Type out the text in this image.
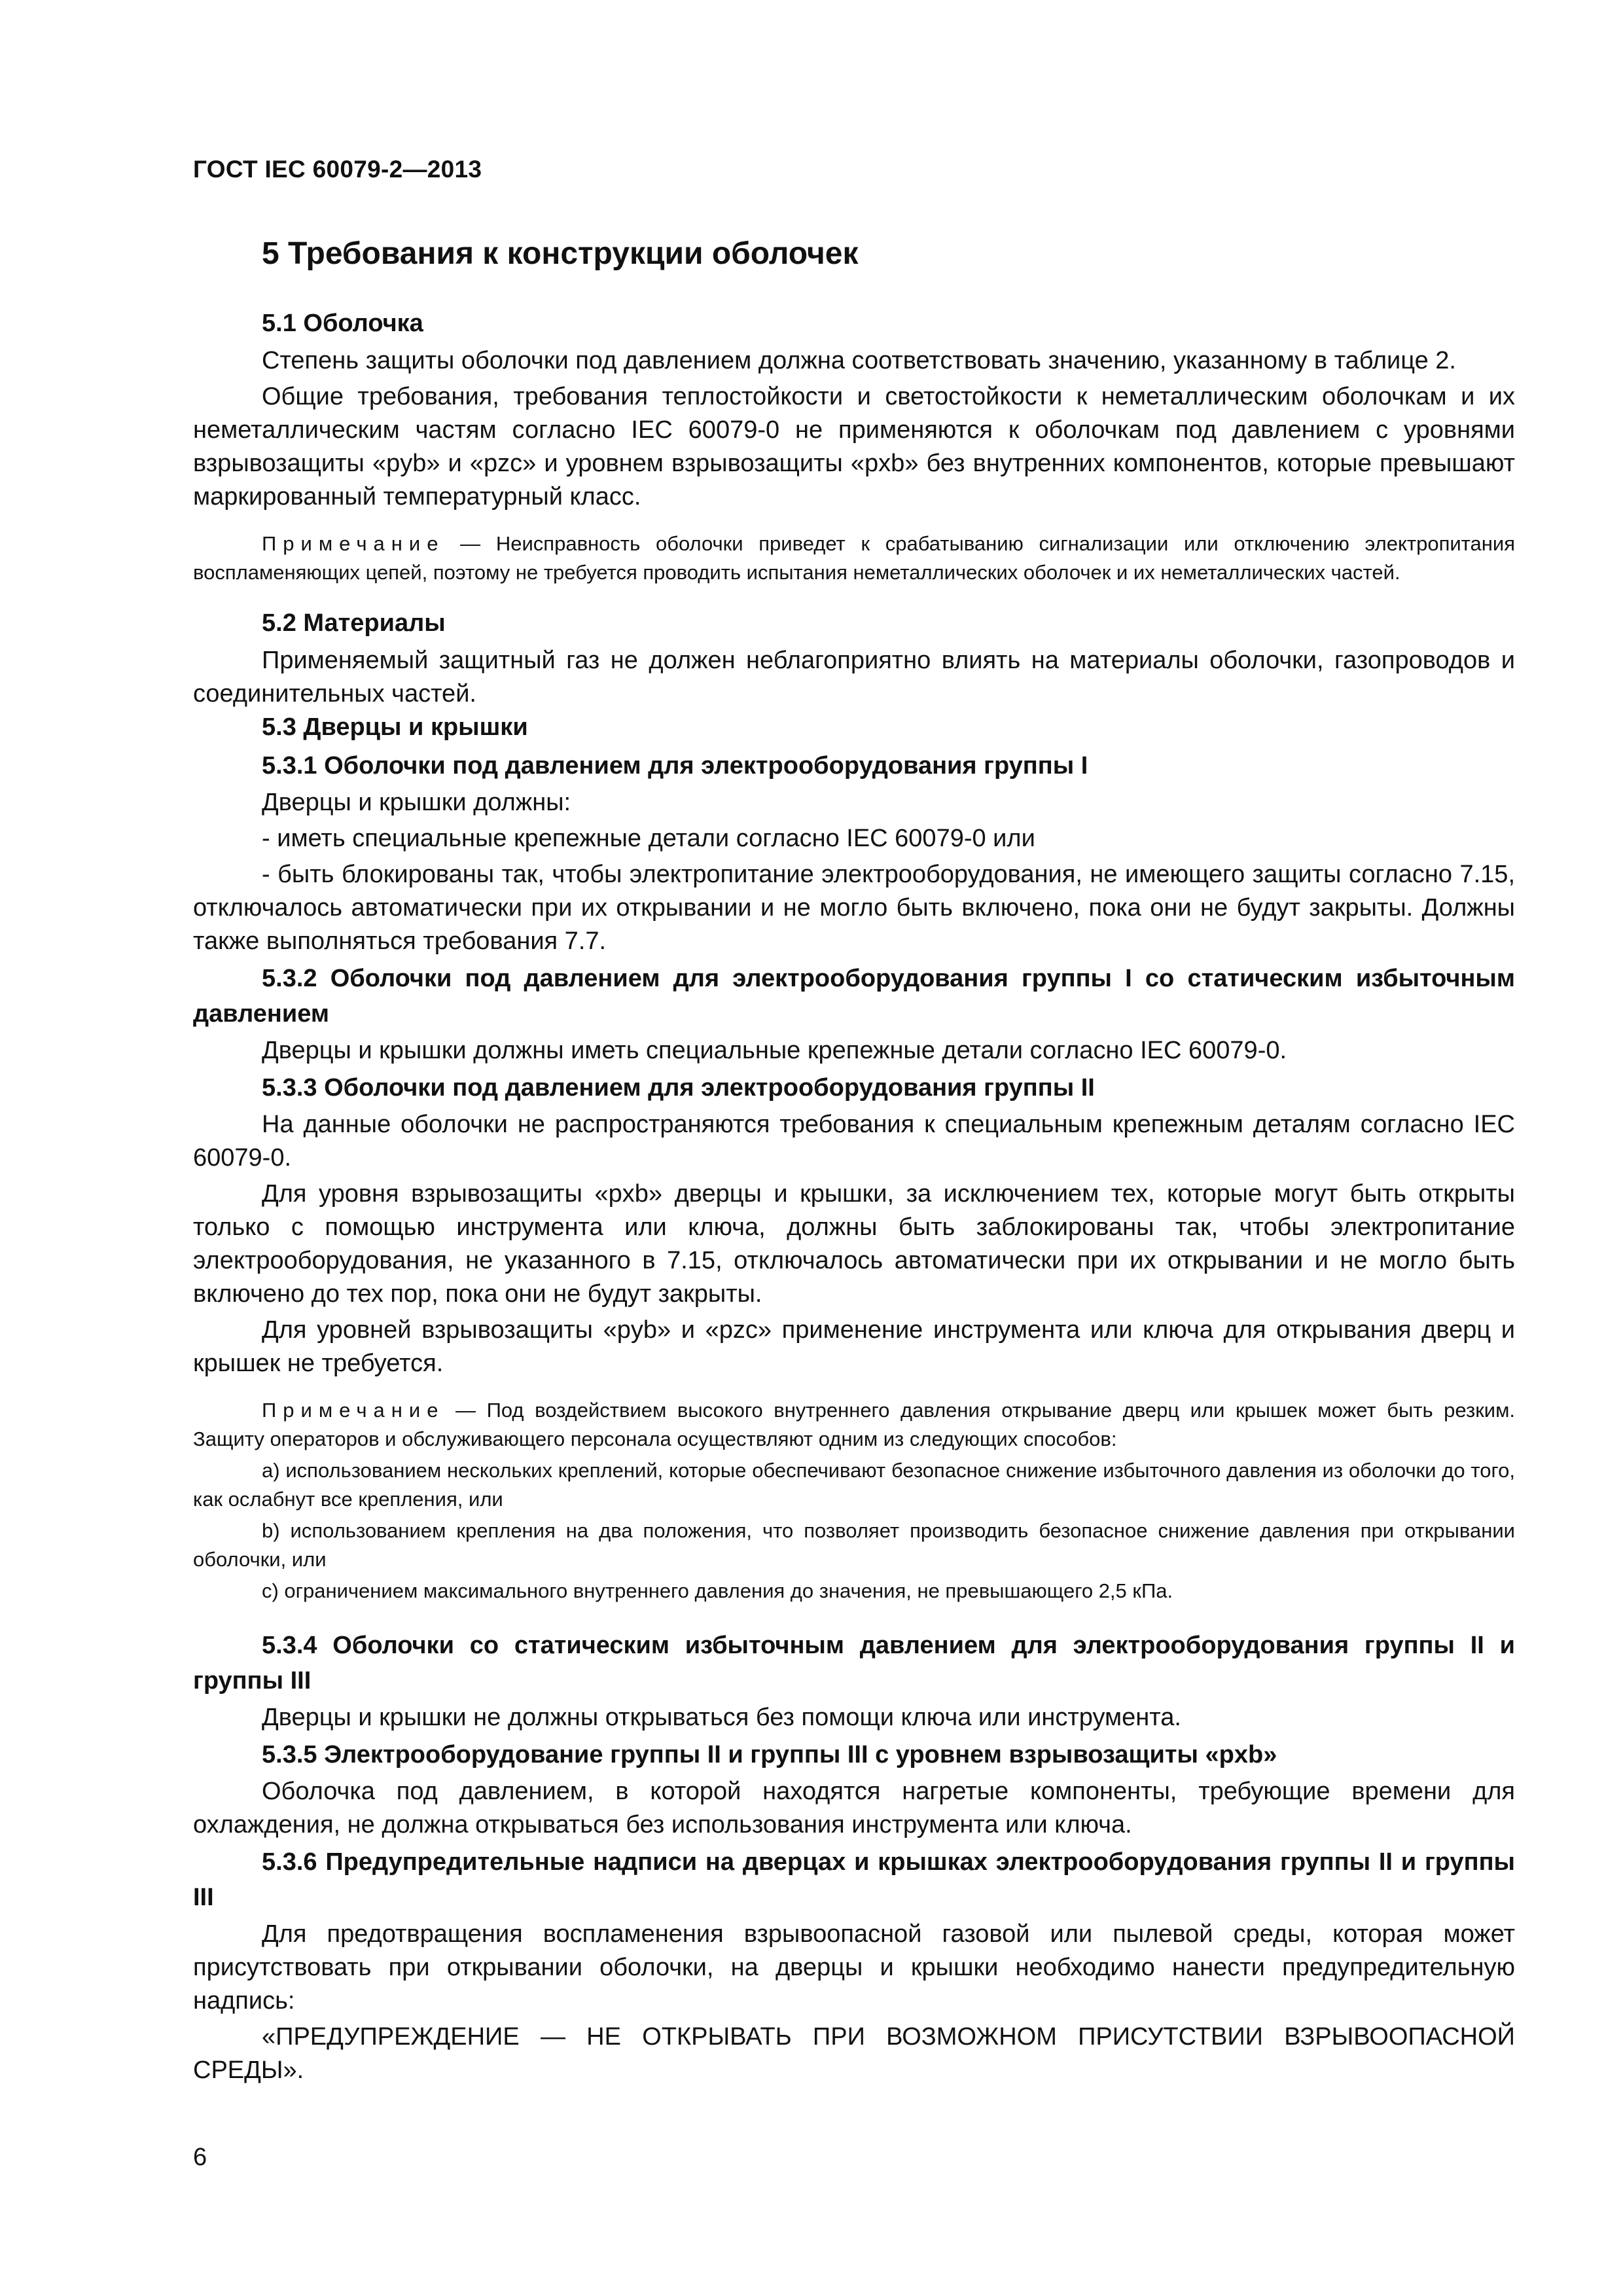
ГОСТ IEC 60079-2—2013
5 Требования к конструкции оболочек
5.1 Оболочка
Степень защиты оболочки под давлением должна соответствовать значению, указанному в таблице 2.
Общие требования, требования теплостойкости и светостойкости к неметаллическим оболочкам и их неметаллическим частям согласно IEC 60079-0 не применяются к оболочкам под давлением с уровнями взрывозащиты «pyb» и «pzc» и уровнем взрывозащиты «pxb» без внутренних компонентов, которые превышают маркированный температурный класс.
Примечание — Неисправность оболочки приведет к срабатыванию сигнализации или отключению электропитания воспламеняющих цепей, поэтому не требуется проводить испытания неметаллических оболочек и их неметаллических частей.
5.2 Материалы
Применяемый защитный газ не должен неблагоприятно влиять на материалы оболочки, газопроводов и соединительных частей.
5.3 Дверцы и крышки
5.3.1 Оболочки под давлением для электрооборудования группы I
Дверцы и крышки должны:
- иметь специальные крепежные детали согласно IEC 60079-0 или
- быть блокированы так, чтобы электропитание электрооборудования, не имеющего защиты согласно 7.15, отключалось автоматически при их открывании и не могло быть включено, пока они не будут закрыты. Должны также выполняться требования 7.7.
5.3.2 Оболочки под давлением для электрооборудования группы I со статическим избыточным давлением
Дверцы и крышки должны иметь специальные крепежные детали согласно IEC 60079-0.
5.3.3 Оболочки под давлением для электрооборудования группы II
На данные оболочки не распространяются требования к специальным крепежным деталям согласно IEC 60079-0.
Для уровня взрывозащиты «pxb» дверцы и крышки, за исключением тех, которые могут быть открыты только с помощью инструмента или ключа, должны быть заблокированы так, чтобы электропитание электрооборудования, не указанного в 7.15, отключалось автоматически при их открывании и не могло быть включено до тех пор, пока они не будут закрыты.
Для уровней взрывозащиты «pyb» и «pzc» применение инструмента или ключа для открывания дверц и крышек не требуется.
Примечание — Под воздействием высокого внутреннего давления открывание дверц или крышек может быть резким. Защиту операторов и обслуживающего персонала осуществляют одним из следующих способов:
a) использованием нескольких креплений, которые обеспечивают безопасное снижение избыточного давления из оболочки до того, как ослабнут все крепления, или
b) использованием крепления на два положения, что позволяет производить безопасное снижение давления при открывании оболочки, или
c) ограничением максимального внутреннего давления до значения, не превышающего 2,5 кПа.
5.3.4 Оболочки со статическим избыточным давлением для электрооборудования группы II и группы III
Дверцы и крышки не должны открываться без помощи ключа или инструмента.
5.3.5 Электрооборудование группы II и группы III с уровнем взрывозащиты «pxb»
Оболочка под давлением, в которой находятся нагретые компоненты, требующие времени для охлаждения, не должна открываться без использования инструмента или ключа.
5.3.6 Предупредительные надписи на дверцах и крышках электрооборудования группы II и группы III
Для предотвращения воспламенения взрывоопасной газовой или пылевой среды, которая может присутствовать при открывании оболочки, на дверцы и крышки необходимо нанести предупредительную надпись:
«ПРЕДУПРЕЖДЕНИЕ — НЕ ОТКРЫВАТЬ ПРИ ВОЗМОЖНОМ ПРИСУТСТВИИ ВЗРЫВООПАСНОЙ СРЕДЫ».
6
